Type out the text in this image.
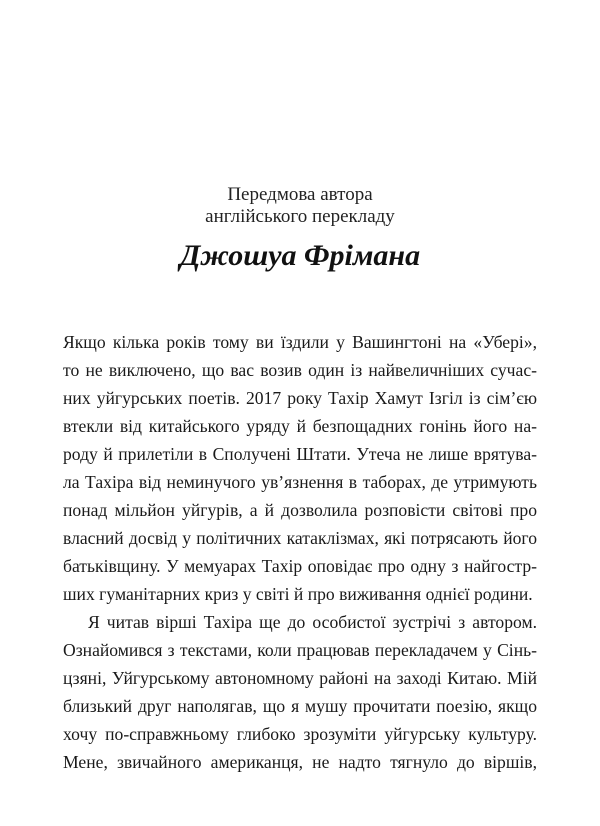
Передмова автора
англійського перекладу
Джошуа Фрімана
Якщо кілька років тому ви їздили у Вашингтоні на «Убері»,
то не виключено, що вас возив один із найвеличніших сучас-
них уйгурських поетів. 2017 року Тахір Хамут Ізгіл із сім’єю
втекли від китайського уряду й безпощадних гонінь його на-
роду й прилетіли в Сполучені Штати. Утеча не лише врятува-
ла Тахіра від неминучого ув’язнення в таборах, де утримують
понад мільйон уйгурів, а й дозволила розповісти світові про
власний досвід у політичних катаклізмах, які потрясають його
батьківщину. У мемуарах Тахір оповідає про одну з найгостр-
ших гуманітарних криз у світі й про виживання однієї родини.
Я читав вірші Тахіра ще до особистої зустрічі з автором.
Ознайомився з текстами, коли працював перекладачем у Сінь-
цзяні, Уйгурському автономному районі на заході Китаю. Мій
близький друг наполягав, що я мушу прочитати поезію, якщо
хочу по-справжньому глибоко зрозуміти уйгурську культуру.
Мене, звичайного американця, не надто тягнуло до віршів,
